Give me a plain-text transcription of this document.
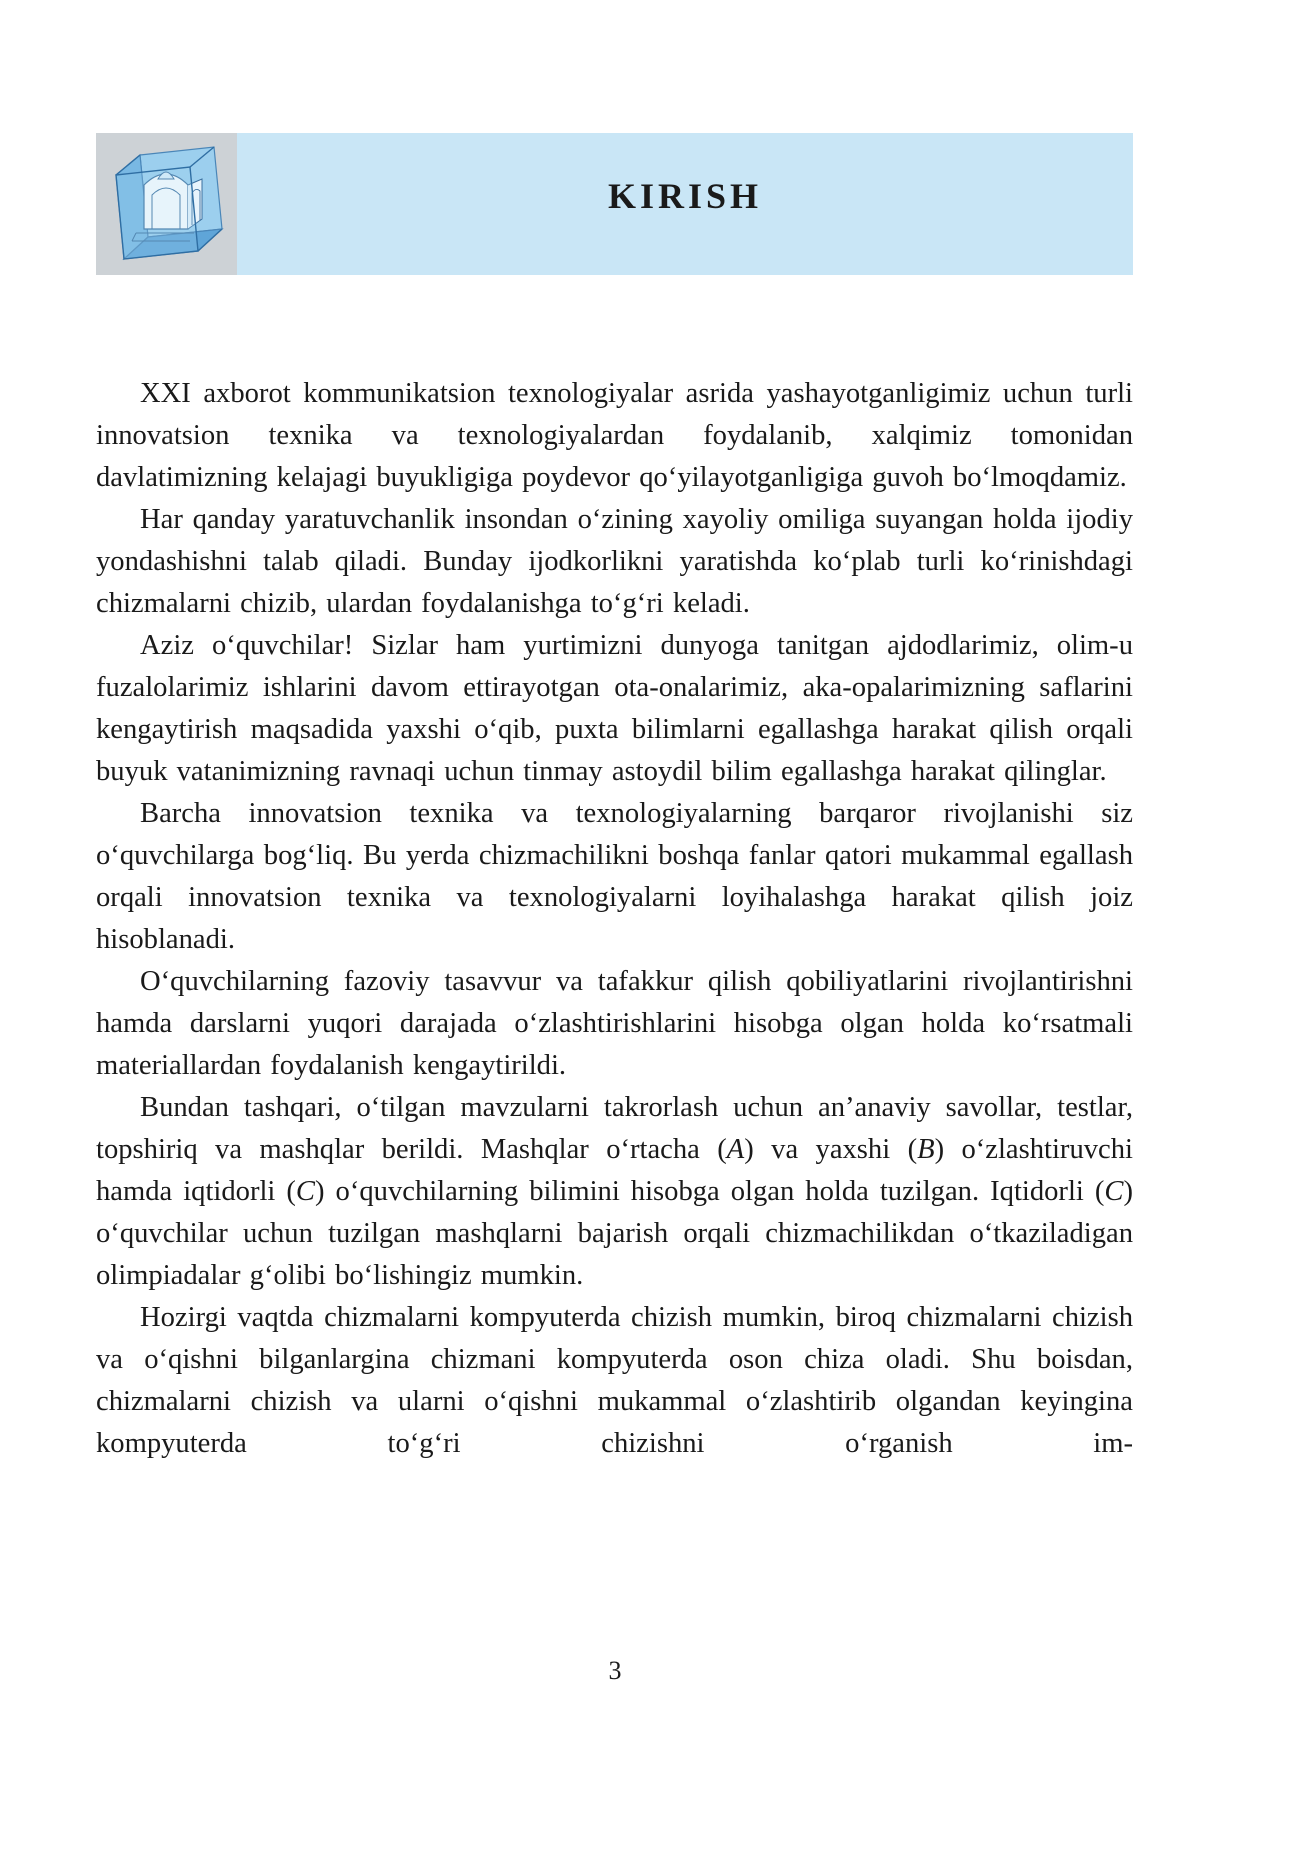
KIRISH

XXI axborot kommunikatsion texnologiyalar asrida yashayotganligimiz uchun turli innovatsion texnika va texnologiyalardan foydalanib, xalqimiz tomonidan davlatimizning kelajagi buyukligiga poydevor qo‘yilayotganligiga guvoh bo‘lmoqdamiz.

Har qanday yaratuvchanlik insondan o‘zining xayoliy omiliga suyangan holda ijodiy yondashishni talab qiladi. Bunday ijodkorlikni yaratishda ko‘plab turli ko‘rinishdagi chizmalarni chizib, ulardan foydalanishga to‘g‘ri keladi.

Aziz o‘quvchilar! Sizlar ham yurtimizni dunyoga tanitgan ajdodlarimiz, olim-u fuzalolarimiz ishlarini davom ettirayotgan ota-onalarimiz, aka-opalarimizning saflarini kengaytirish maqsadida yaxshi o‘qib, puxta bilimlarni egallashga harakat qilish orqali buyuk vatanimizning ravnaqi uchun tinmay astoydil bilim egallashga harakat qilinglar.

Barcha innovatsion texnika va texnologiyalarning barqaror rivojlanishi siz o‘quvchilarga bog‘liq. Bu yerda chizmachilikni boshqa fanlar qatori mukammal egallash orqali innovatsion texnika va texnologiyalarni loyihalashga harakat qilish joiz hisoblanadi.

O‘quvchilarning fazoviy tasavvur va tafakkur qilish qobiliyatlarini rivojlantirishni hamda darslarni yuqori darajada o‘zlashtirishlarini hisobga olgan holda ko‘rsatmali materiallardan foydalanish kengaytirildi.

Bundan tashqari, o‘tilgan mavzularni takrorlash uchun an’anaviy savollar, testlar, topshiriq va mashqlar berildi. Mashqlar o‘rtacha (A) va yaxshi (B) o‘zlashtiruvchi hamda iqtidorli (C) o‘quvchilarning bilimini hisobga olgan holda tuzilgan. Iqtidorli (C) o‘quvchilar uchun tuzilgan mashqlarni bajarish orqali chizmachilikdan o‘tkaziladigan olimpiadalar g‘olibi bo‘lishingiz mumkin.

Hozirgi vaqtda chizmalarni kompyuterda chizish mumkin, biroq chizmalarni chizish va o‘qishni bilganlargina chizmani kompyuterda oson chiza oladi. Shu boisdan, chizmalarni chizish va ularni o‘qishni mukammal o‘zlashtirib olgandan keyingina kompyuterda to‘g‘ri chizishni o‘rganish im-

3
